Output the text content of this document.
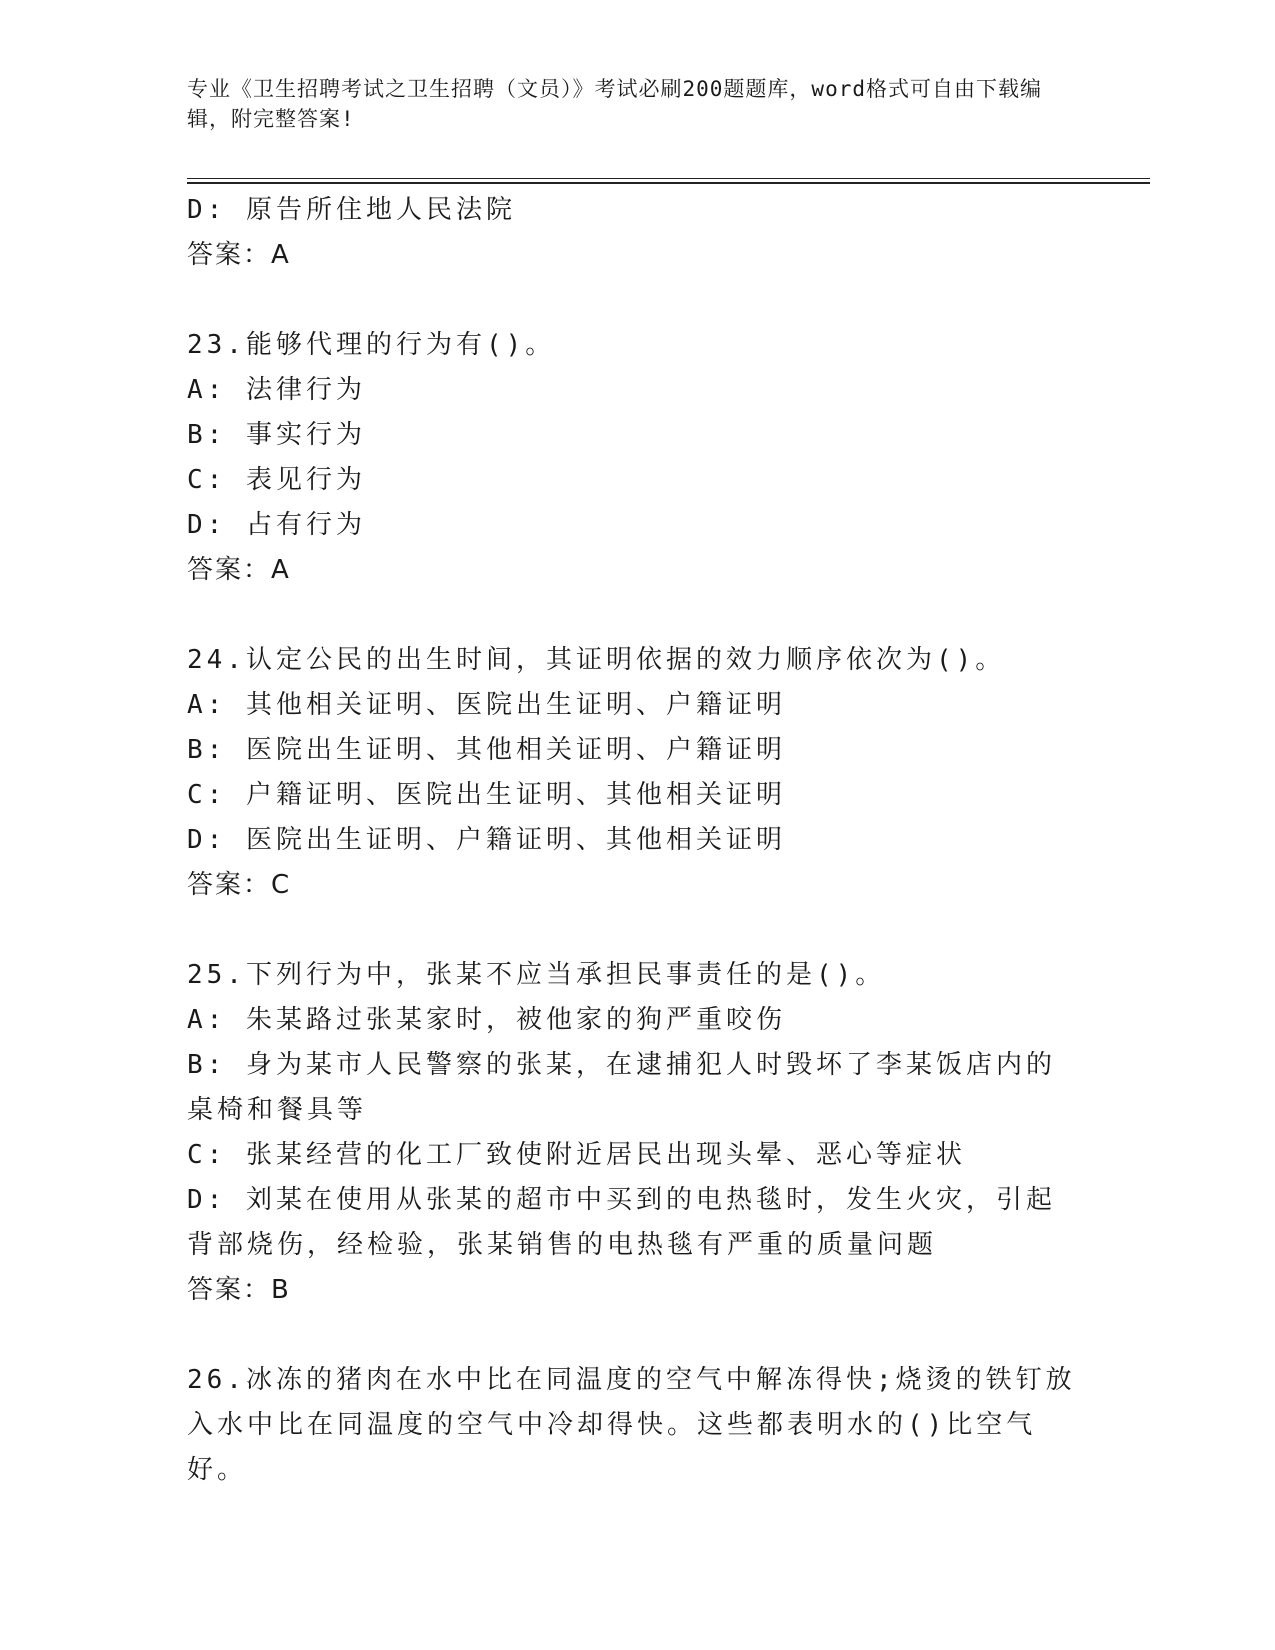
专业《卫生招聘考试之卫生招聘（文员）》考试必刷200题题库，word格式可自由下载编辑，附完整答案!
D: 原告所住地人民法院
答案：A
23.能够代理的行为有()。
A: 法律行为
B: 事实行为
C: 表见行为
D: 占有行为
答案：A
24.认定公民的出生时间，其证明依据的效力顺序依次为()。
A: 其他相关证明、医院出生证明、户籍证明
B: 医院出生证明、其他相关证明、户籍证明
C: 户籍证明、医院出生证明、其他相关证明
D: 医院出生证明、户籍证明、其他相关证明
答案：C
25.下列行为中，张某不应当承担民事责任的是()。
A: 朱某路过张某家时，被他家的狗严重咬伤
B: 身为某市人民警察的张某，在逮捕犯人时毁坏了李某饭店内的桌椅和餐具等
C: 张某经营的化工厂致使附近居民出现头晕、恶心等症状
D: 刘某在使用从张某的超市中买到的电热毯时，发生火灾，引起背部烧伤，经检验，张某销售的电热毯有严重的质量问题
答案：B
26.冰冻的猪肉在水中比在同温度的空气中解冻得快;烧烫的铁钉放入水中比在同温度的空气中冷却得快。这些都表明水的()比空气好。
